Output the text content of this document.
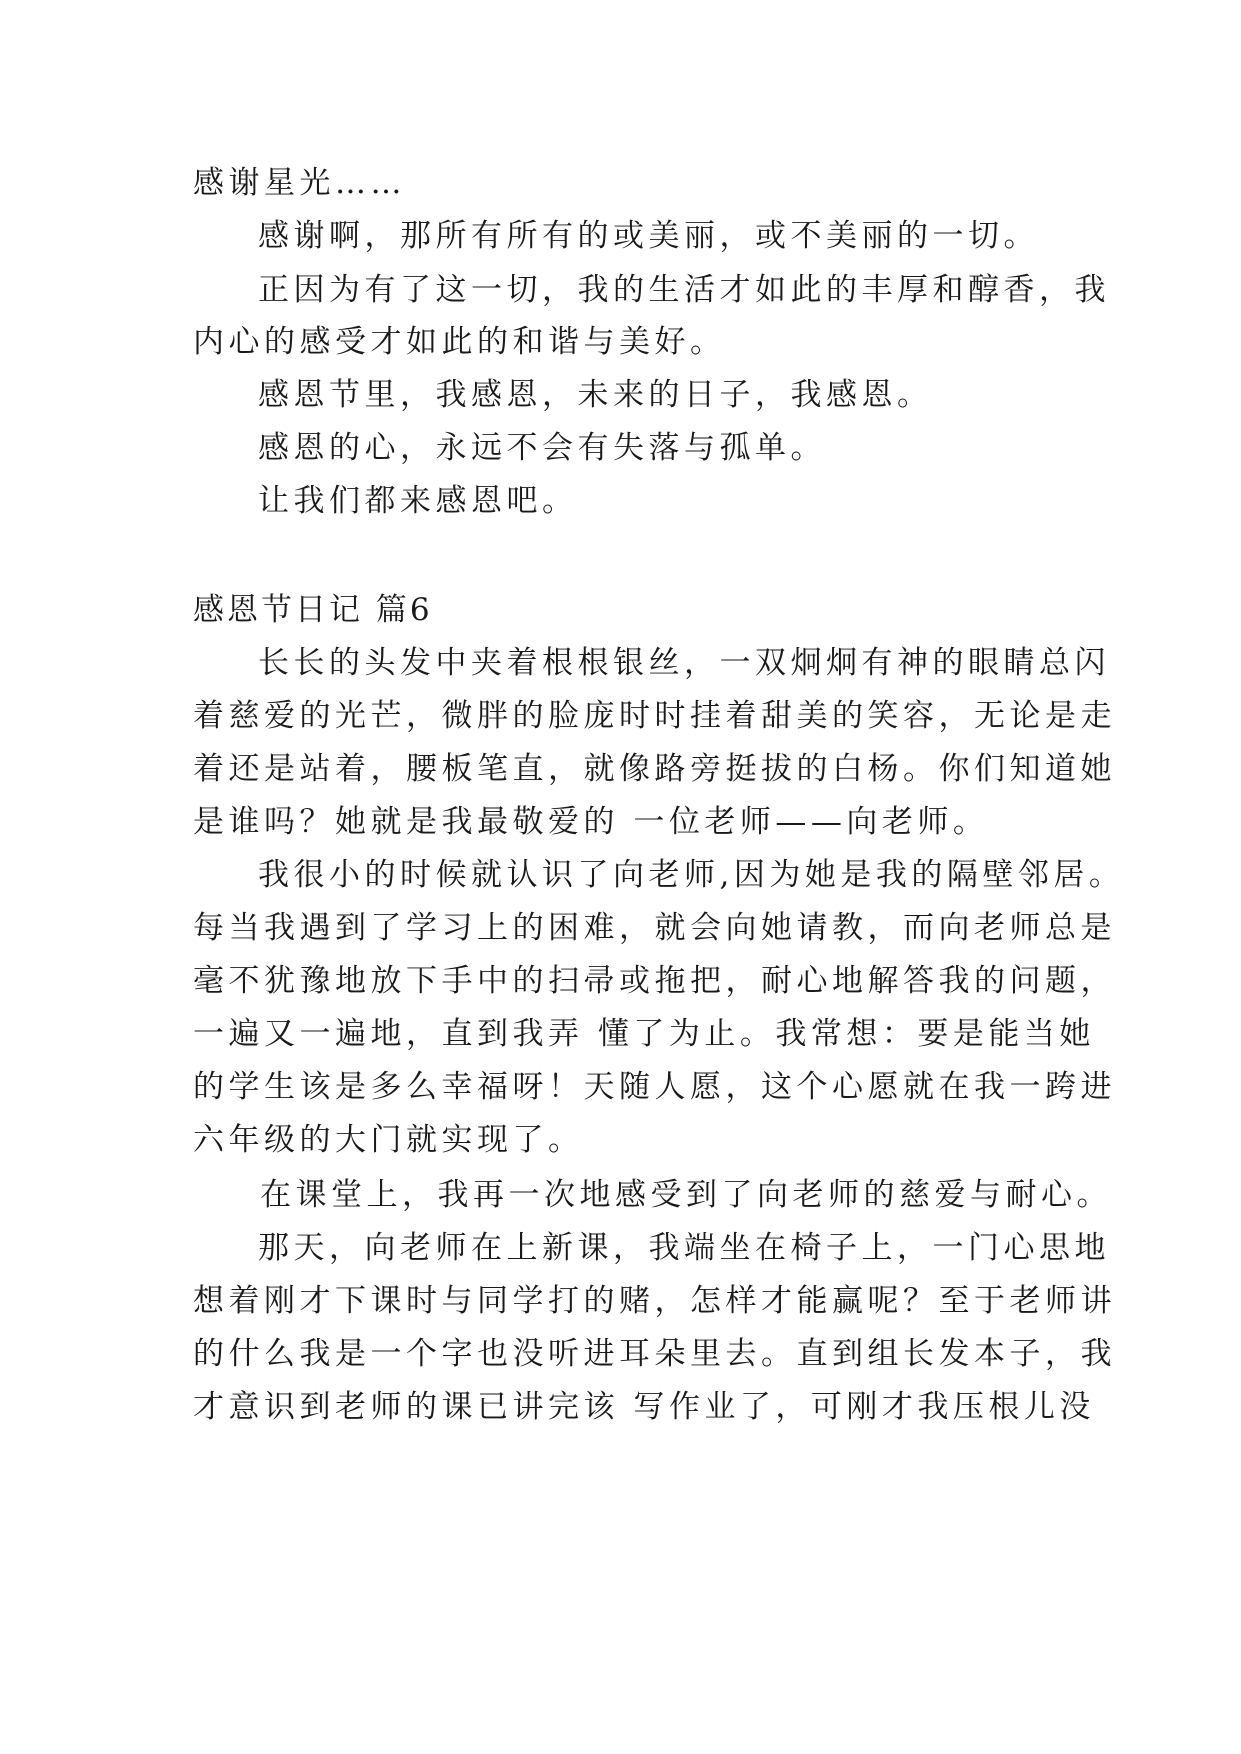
感谢星光……
感谢啊，那所有所有的或美丽，或不美丽的一切。
正因为有了这一切，我的生活才如此的丰厚和醇香，我
内心的感受才如此的和谐与美好。
感恩节里，我感恩，未来的日子，我感恩。
感恩的心，永远不会有失落与孤单。
让我们都来感恩吧。
感恩节日记 篇6
长长的头发中夹着根根银丝，一双炯炯有神的眼睛总闪
着慈爱的光芒，微胖的脸庞时时挂着甜美的笑容，无论是走
着还是站着，腰板笔直，就像路旁挺拔的白杨。你们知道她
是谁吗？她就是我最敬爱的 一位老师——向老师。
我很小的时候就认识了向老师,因为她是我的隔壁邻居。
每当我遇到了学习上的困难，就会向她请教，而向老师总是
毫不犹豫地放下手中的扫帚或拖把，耐心地解答我的问题，
一遍又一遍地，直到我弄 懂了为止。我常想：要是能当她
的学生该是多么幸福呀！天随人愿，这个心愿就在我一跨进
六年级的大门就实现了。
在课堂上，我再一次地感受到了向老师的慈爱与耐心。
那天，向老师在上新课，我端坐在椅子上，一门心思地
想着刚才下课时与同学打的赌，怎样才能赢呢？至于老师讲
的什么我是一个字也没听进耳朵里去。直到组长发本子，我
才意识到老师的课已讲完该 写作业了，可刚才我压根儿没
